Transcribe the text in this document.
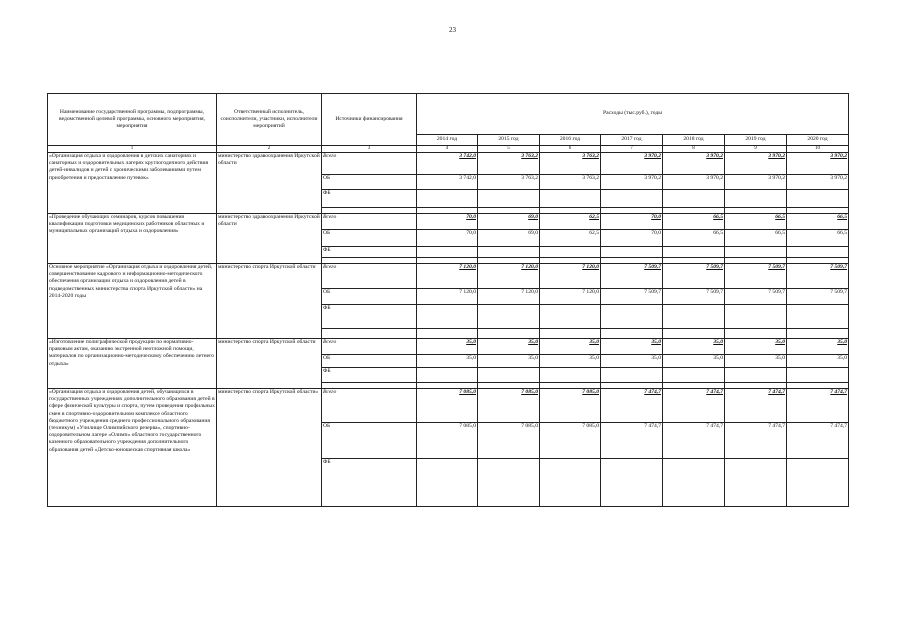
23
Наименование государственной программы, подпрограммы, ведомственной целевой программы, основного мероприятия, мероприятия	Ответственный исполнитель, соисполнители, участники, исполнители мероприятий	Источники финансирования	Расходы (тыс.руб.), годы						
			2014 год	2015 год	2016 год	2017 год	2018 год	2019 год	2020 год
1	2	3	4	5	6	7	8	9	10
«Организация отдыха и оздоровления в детских санаториях и санаторных и оздоровительных лагерях круглогодичного действия детей-инвалидов и детей с хроническими заболеваниями путем приобретения и предоставление путевок»	министерство здравоохранения Иркутской области	Всего	3 742,0	3 763,2	3 763,2	3 970,2	3 970,2	3 970,2	3 970,2
		ОБ	3 742,0	3 763,2	3 763,2	3 970,2	3 970,2	3 970,2	3 970,2
		ФБ							

«Проведение обучающих семинаров, курсов повышения квалификации подготовки медицинских работников областных и муниципальных организаций отдыха и оздоровления»	министерство здравоохранения Иркутской области	Всего	70,0	69,0	62,5	70,0	66,5	66,5	66,5
		ОБ	70,0	69,0	62,5	70,0	66,5	66,5	66,5
		ФБ							

Основное мероприятие «Организация отдыха и оздоровления детей, совершенствование кадрового и информационно-методического обеспечения организации отдыха и оздоровления детей в подведомственных министерства спорта Иркутской области» на 2014-2020 годы	министерство спорта Иркутской области	Всего	7 120,0	7 120,0	7 120,0	7 509,7	7 509,7	7 509,7	7 509,7
		ОБ	7 120,0	7 120,0	7 120,0	7 509,7	7 509,7	7 509,7	7 509,7
		ФБ							

«Изготовление полиграфической продукции по нормативно-правовым актам, оказанию экстренной неотложной помощи, материалов по организационно-методическому обеспечению летнего отдыха»	министерство спорта Иркутской области	Всего	35,0	35,0	35,0	35,0	35,0	35,0	35,0
		ОБ	35,0	35,0	35,0	35,0	35,0	35,0	35,0
		ФБ							

«Организация отдыха и оздоровления детей, обучающихся в государственных учреждениях дополнительного образования детей в сфере физической культуры и спорта, путем проведения профильных смен в спортивно-оздоровительном комплексе областного бюджетного учреждения среднего профессионального образования (техникум) «Училище Олимпийского резерва», спортивно-оздоровительном лагере «Олимп» областного государственного казенного образовательного учреждения дополнительного образования детей «Детско-юношеская спортивная школа»	министерство спорта Иркутской области»	Всего	7 085,0	7 085,0	7 085,0	7 474,7	7 474,7	7 474,7	7 474,7
		ОБ	7 085,0	7 085,0	7 085,0	7 474,7	7 474,7	7 474,7	7 474,7
		ФБ							
